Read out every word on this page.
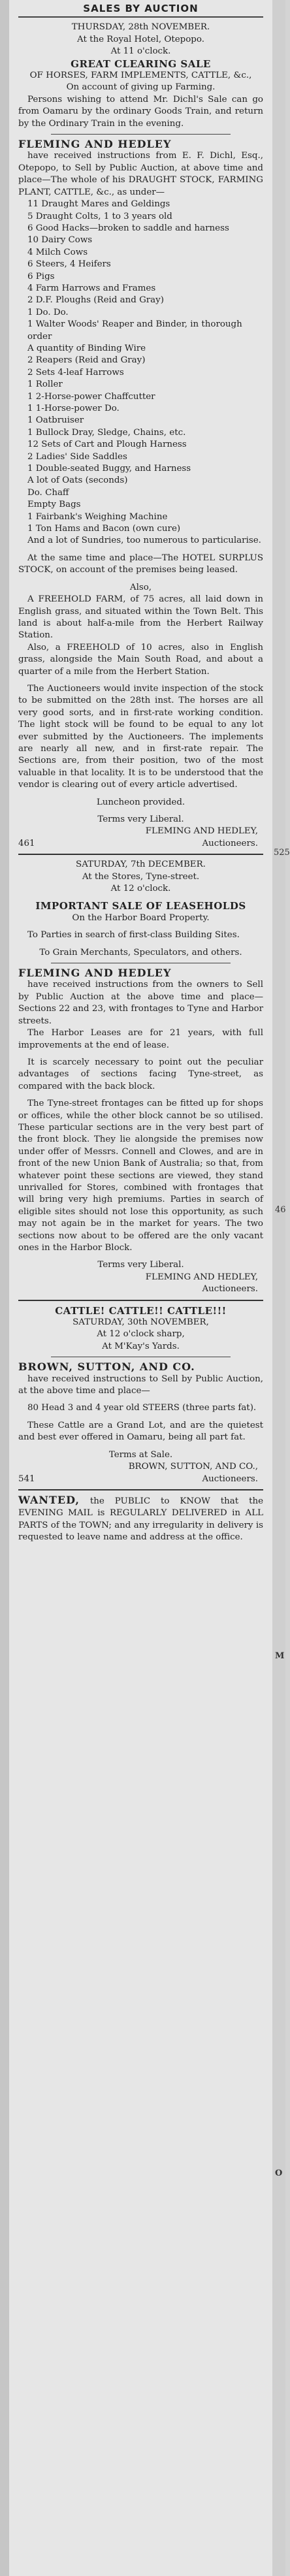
SALES BY AUCTION

THURSDAY, 28th NOVEMBER.

At the Royal Hotel, Otepopo.

At 11 o'clock.

GREAT CLEARING SALE

OF HORSES, FARM IMPLEMENTS, CATTLE, &c.,

On account of giving up Farming.

Persons wishing to attend Mr. Dichl's Sale can go from Oamaru by the ordinary Goods Train, and return by the Ordinary Train in the evening.

FLEMING AND HEDLEY

have received instructions from E. F. Dichl, Esq., Otepopo, to Sell by Public Auction, at above time and place—The whole of his DRAUGHT STOCK, FARMING PLANT, CATTLE, &c., as under—

11 Draught Mares and Geldings

5 Draught Colts, 1 to 3 years old

6 Good Hacks—broken to saddle and harness

10 Dairy Cows

4 Milch Cows

6 Steers, 4 Heifers

6 Pigs

4 Farm Harrows and Frames

2 D.F. Ploughs (Reid and Gray)

1 Do. Do.

1 Walter Woods' Reaper and Binder, in thorough order

A quantity of Binding Wire

2 Reapers (Reid and Gray)

2 Sets 4-leaf Harrows

1 Roller

1 2-Horse-power Chaffcutter

1 1-Horse-power Do.

1 Oatbruiser

1 Bullock Dray, Sledge, Chains, etc.

12 Sets of Cart and Plough Harness

2 Ladies' Side Saddles

1 Double-seated Buggy, and Harness

A lot of Oats (seconds)

Do. Chaff

Empty Bags

1 Fairbank's Weighing Machine

1 Ton Hams and Bacon (own cure)

And a lot of Sundries, too numerous to particularise.

At the same time and place—The HOTEL SURPLUS STOCK, on account of the premises being leased.

Also,

A FREEHOLD FARM, of 75 acres, all laid down in English grass, and situated within the Town Belt. This land is about half-a-mile from the Herbert Railway Station.

Also, a FREEHOLD of 10 acres, also in English grass, alongside the Main South Road, and about a quarter of a mile from the Herbert Station.

The Auctioneers would invite inspection of the stock to be submitted on the 28th inst. The horses are all very good sorts, and in first-rate working condition. The light stock will be found to be equal to any lot ever submitted by the Auctioneers. The implements are nearly all new, and in first-rate repair. The Sections are, from their position, two of the most valuable in that locality. It is to be understood that the vendor is clearing out of every article advertised.

Luncheon provided.

Terms very Liberal.

FLEMING AND HEDLEY,

461	Auctioneers.

SATURDAY, 7th DECEMBER.

At the Stores, Tyne-street.

At 12 o'clock.

IMPORTANT SALE OF LEASEHOLDS

On the Harbor Board Property.

To Parties in search of first-class Building Sites.

To Grain Merchants, Speculators, and others.

FLEMING AND HEDLEY

have received instructions from the owners to Sell by Public Auction at the above time and place—Sections 22 and 23, with frontages to Tyne and Harbor streets.

The Harbor Leases are for 21 years, with full improvements at the end of lease.

It is scarcely necessary to point out the peculiar advantages of sections facing Tyne-street, as compared with the back block.

The Tyne-street frontages can be fitted up for shops or offices, while the other block cannot be so utilised. These particular sections are in the very best part of the front block. They lie alongside the premises now under offer of Messrs. Connell and Clowes, and are in front of the new Union Bank of Australia; so that, from whatever point these sections are viewed, they stand unrivalled for Stores, combined with frontages that will bring very high premiums. Parties in search of eligible sites should not lose this opportunity, as such may not again be in the market for years. The two sections now about to be offered are the only vacant ones in the Harbor Block.

Terms very Liberal.

FLEMING AND HEDLEY,

Auctioneers.

CATTLE! CATTLE!! CATTLE!!!

SATURDAY, 30th NOVEMBER,

At 12 o'clock sharp,

At M'Kay's Yards.

BROWN, SUTTON, AND CO.

have received instructions to Sell by Public Auction, at the above time and place—

80 Head 3 and 4 year old STEERS (three parts fat).

These Cattle are a Grand Lot, and are the quietest and best ever offered in Oamaru, being all part fat.

Terms at Sale.

BROWN, SUTTON, AND CO.,

541	Auctioneers.

WANTED, the PUBLIC to KNOW that the EVENING MAIL is REGULARLY DELIVERED in ALL PARTS of the TOWN; and any irregularity in delivery is requested to leave name and address at the office.

525
46
M
O
